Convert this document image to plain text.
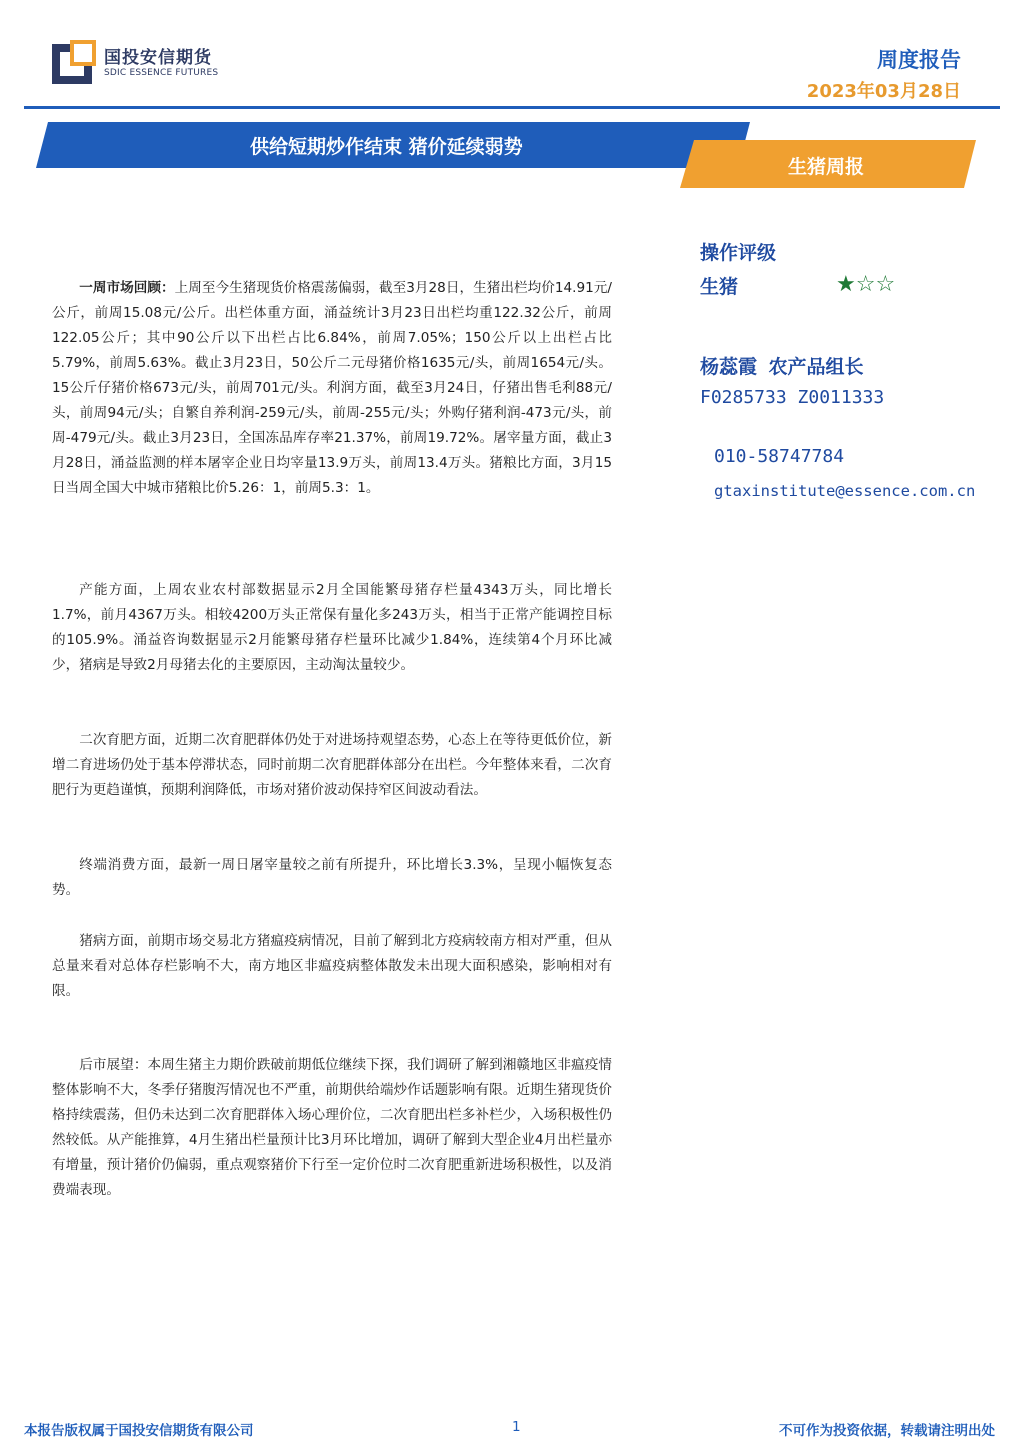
国投安信期货
SDIC ESSENCE FUTURES
周度报告
2023年03月28日
供给短期炒作结束 猪价延续弱势
生猪周报
操作评级
生猪	★☆☆
杨蕊霞 农产品组长
F0285733 Z0011333
010-58747784
gtaxinstitute@essence.com.cn
一周市场回顾：上周至今生猪现货价格震荡偏弱，截至3月28日，生猪出栏均价14.91元/公斤，前周15.08元/公斤。出栏体重方面，涌益统计3月23日出栏均重122.32公斤，前周122.05公斤；其中90公斤以下出栏占比6.84%，前周7.05%；150公斤以上出栏占比5.79%，前周5.63%。截止3月23日，50公斤二元母猪价格1635元/头，前周1654元/头。15公斤仔猪价格673元/头，前周701元/头。利润方面，截至3月24日，仔猪出售毛利88元/头，前周94元/头；自繁自养利润-259元/头，前周-255元/头；外购仔猪利润-473元/头，前周-479元/头。截止3月23日，全国冻品库存率21.37%，前周19.72%。屠宰量方面，截止3月28日，涌益监测的样本屠宰企业日均宰量13.9万头，前周13.4万头。猪粮比方面，3月15日当周全国大中城市猪粮比价5.26：1，前周5.3：1。
产能方面，上周农业农村部数据显示2月全国能繁母猪存栏量4343万头，同比增长1.7%，前月4367万头。相较4200万头正常保有量化多243万头，相当于正常产能调控目标的105.9%。涌益咨询数据显示2月能繁母猪存栏量环比减少1.84%，连续第4个月环比减少，猪病是导致2月母猪去化的主要原因，主动淘汰量较少。
二次育肥方面，近期二次育肥群体仍处于对进场持观望态势，心态上在等待更低价位，新增二育进场仍处于基本停滞状态，同时前期二次育肥群体部分在出栏。今年整体来看，二次育肥行为更趋谨慎，预期利润降低，市场对猪价波动保持窄区间波动看法。
终端消费方面，最新一周日屠宰量较之前有所提升，环比增长3.3%，呈现小幅恢复态势。
猪病方面，前期市场交易北方猪瘟疫病情况，目前了解到北方疫病较南方相对严重，但从总量来看对总体存栏影响不大，南方地区非瘟疫病整体散发未出现大面积感染，影响相对有限。
后市展望：本周生猪主力期价跌破前期低位继续下探，我们调研了解到湘赣地区非瘟疫情整体影响不大，冬季仔猪腹泻情况也不严重，前期供给端炒作话题影响有限。近期生猪现货价格持续震荡，但仍未达到二次育肥群体入场心理价位，二次育肥出栏多补栏少，入场积极性仍然较低。从产能推算，4月生猪出栏量预计比3月环比增加，调研了解到大型企业4月出栏量亦有增量，预计猪价仍偏弱，重点观察猪价下行至一定价位时二次育肥重新进场积极性，以及消费端表现。
本报告版权属于国投安信期货有限公司	1	不可作为投资依据，转载请注明出处
